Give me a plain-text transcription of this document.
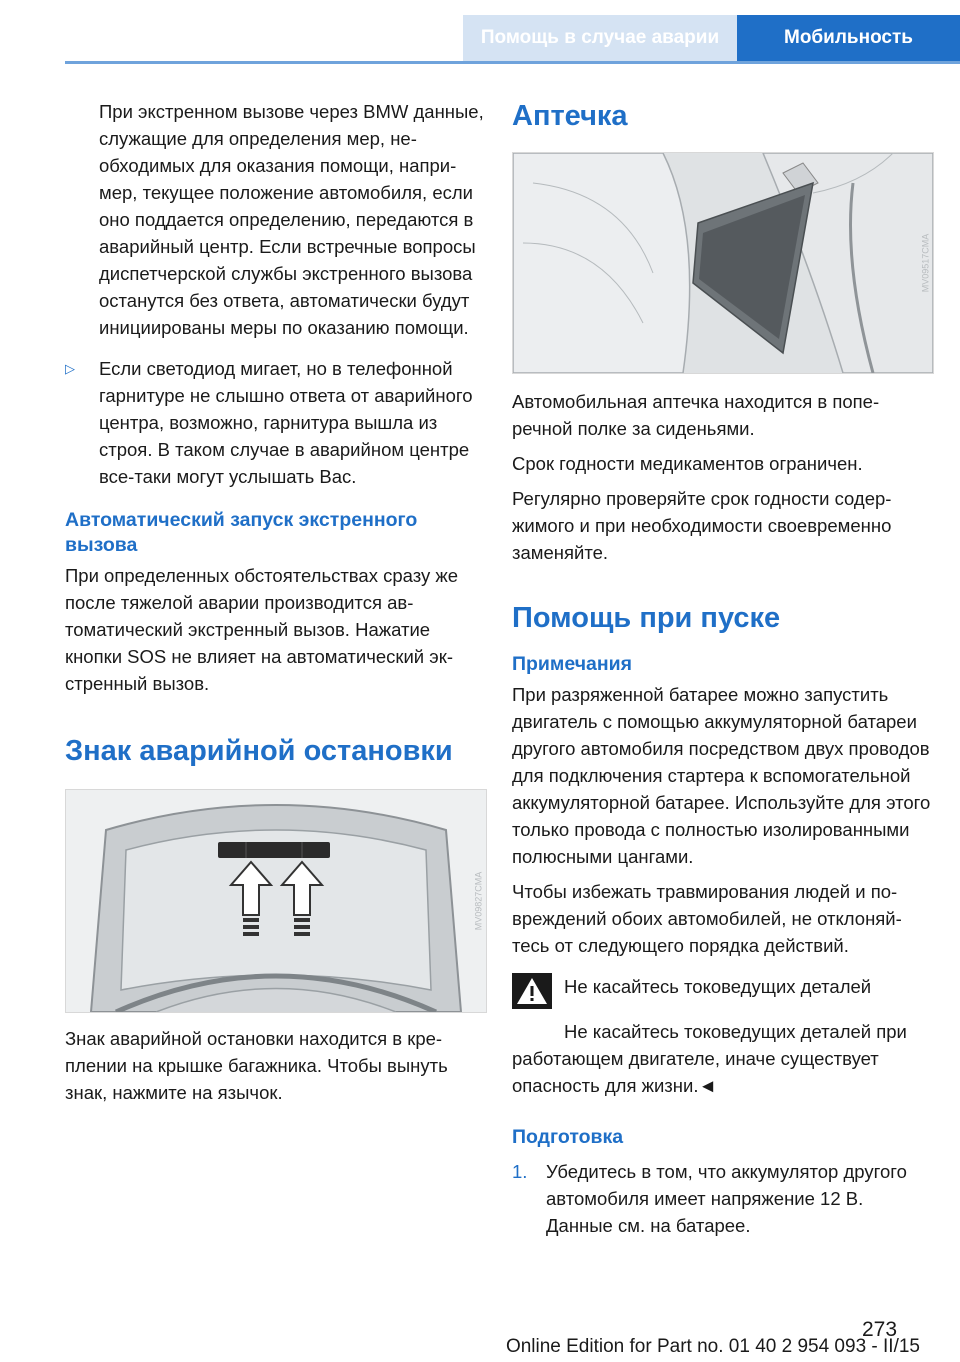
Помощь в случае аварии	Мобильность

При экстренном вызове через BMW данные, служащие для определения мер, необходимых для оказания помощи, например, текущее положение автомобиля, если оно поддается определению, передаются в аварийный центр. Если встречные вопросы диспетчерской службы экстренного вызова останутся без ответа, автоматически будут инициированы меры по оказанию помощи.

▷	Если светодиод мигает, но в телефонной гарнитуре не слышно ответа от аварийного центра, возможно, гарнитура вышла из строя. В таком случае в аварийном центре все-таки могут услышать Вас.

Автоматический запуск экстренного вызова

При определенных обстоятельствах сразу же после тяжелой аварии производится автоматический экстренный вызов. Нажатие кнопки SOS не влияет на автоматический экстренный вызов.

Знак аварийной остановки

MV09827CMA

Знак аварийной остановки находится в креплении на крышке багажника. Чтобы вынуть знак, нажмите на язычок.

Аптечка

MV09517CMA

Автомобильная аптечка находится в поперечной полке за сиденьями.

Срок годности медикаментов ограничен.

Регулярно проверяйте срок годности содержимого и при необходимости своевременно заменяйте.

Помощь при пуске

Примечания

При разряженной батарее можно запустить двигатель с помощью аккумуляторной батареи другого автомобиля посредством двух проводов для подключения стартера к вспомогательной аккумуляторной батарее. Используйте для этого только провода с полностью изолированными полюсными цангами.

Чтобы избежать травмирования людей и повреждений обоих автомобилей, не отклоняйтесь от следующего порядка действий.

Не касайтесь токоведущих деталей

Не касайтесь токоведущих деталей при работающем двигателе, иначе существует опасность для жизни.◄

Подготовка

1.	Убедитесь в том, что аккумулятор другого автомобиля имеет напряжение 12 В. Данные см. на батарее.

273
Online Edition for Part no. 01 40 2 954 093 - II/15
